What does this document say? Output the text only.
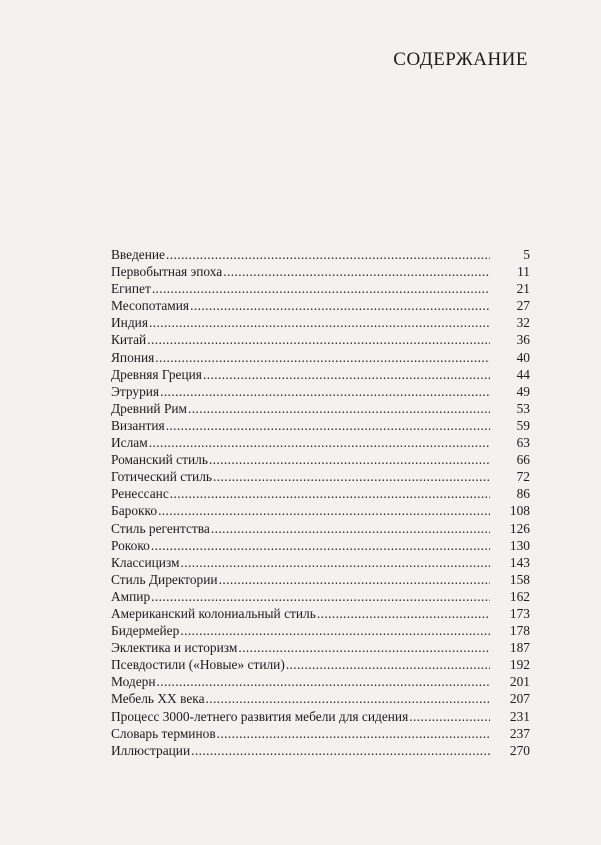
СОДЕРЖАНИЕ
Введение .....	5
Первобытная эпоха .....	11
Египет .....	21
Месопотамия .....	27
Индия .....	32
Китай .....	36
Япония .....	40
Древняя Греция .....	44
Этрурия .....	49
Древний Рим .....	53
Византия .....	59
Ислам .....	63
Романский стиль .....	66
Готический стиль .....	72
Ренессанс .....	86
Барокко .....	108
Стиль регентства .....	126
Рококо .....	130
Классицизм .....	143
Стиль Директории .....	158
Ампир .....	162
Американский колониальный стиль .....	173
Бидермейер .....	178
Эклектика и историзм .....	187
Псевдостили («Новые» стили) .....	192
Модерн .....	201
Мебель XX века .....	207
Процесс 3000-летнего развития мебели для сидения .....	231
Словарь терминов .....	237
Иллюстрации .....	270
